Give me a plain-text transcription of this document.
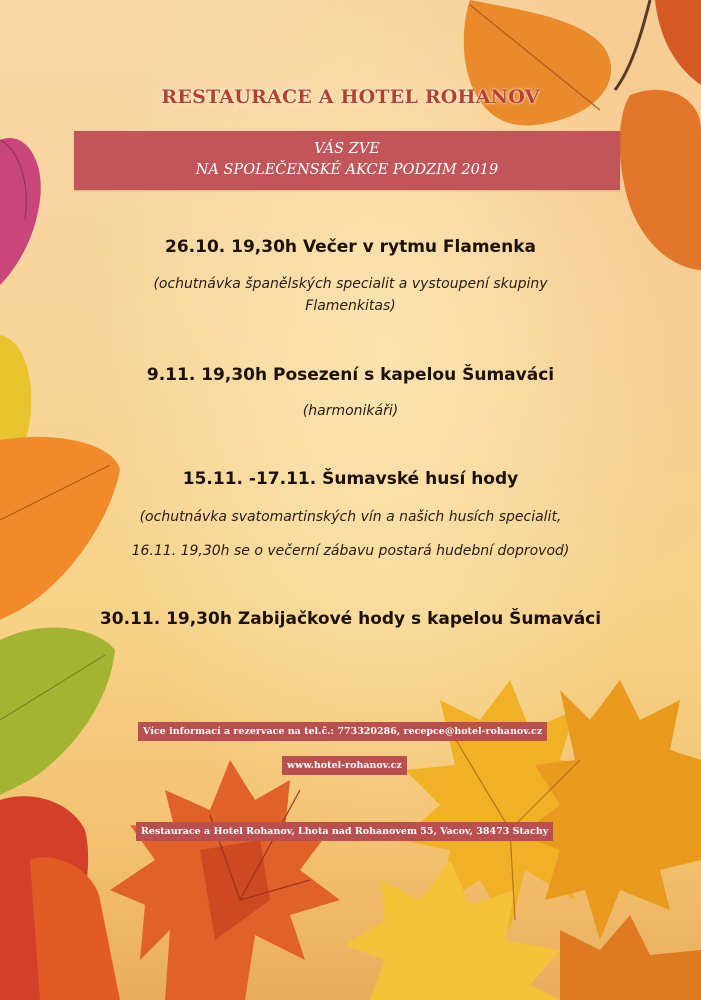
RESTAURACE A HOTEL ROHANOV
VÁS ZVE
NA SPOLEČENSKÉ AKCE PODZIM 2019
26.10. 19,30h Večer v rytmu Flamenka
(ochutnávka španělských specialit a vystoupení skupiny
Flamenkitas)
9.11. 19,30h Posezení s kapelou Šumaváci
(harmonikáři)
15.11. -17.11. Šumavské husí hody
(ochutnávka svatomartinských vín a našich husích specialit,
16.11. 19,30h se o večerní zábavu postará hudební doprovod)
30.11. 19,30h Zabijačkové hody s kapelou Šumaváci
Více informací a rezervace na tel.č.: 773320286, recepce@hotel-rohanov.cz
www.hotel-rohanov.cz
Restaurace a Hotel Rohanov, Lhota nad Rohanovem 55, Vacov, 38473 Stachy
